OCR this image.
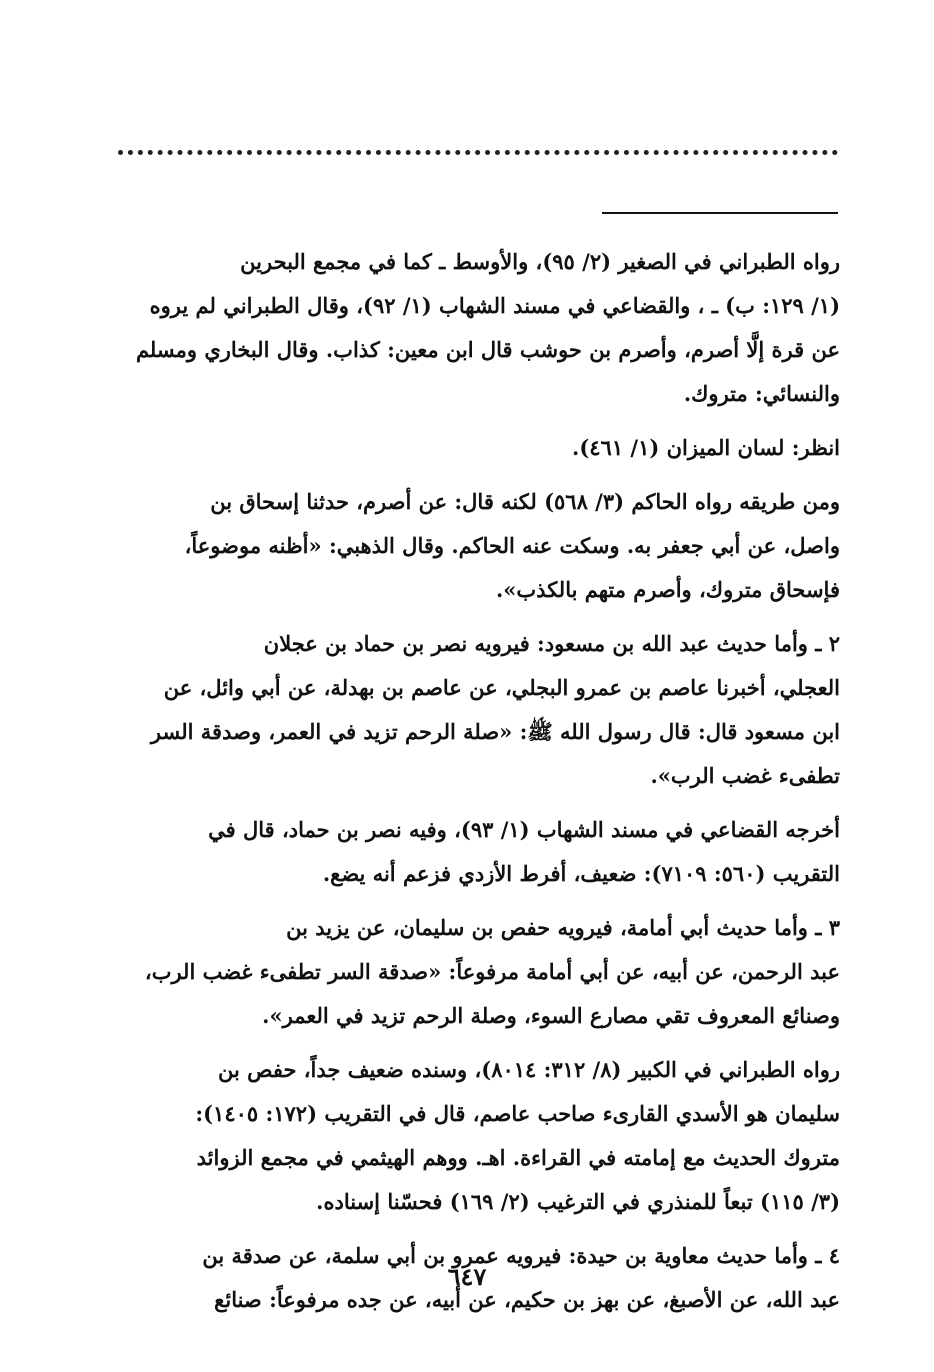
رواه الطبراني في الصغير (٢/ ٩٥)، والأوسط ـ كما في مجمع البحرين
(١/ ١٢٩: ب) ـ ، والقضاعي في مسند الشهاب (١/ ٩٢)، وقال الطبراني لم يروه
عن قرة إلَّا أصرم، وأصرم بن حوشب قال ابن معين: كذاب. وقال البخاري ومسلم
والنسائي: متروك.
انظر: لسان الميزان (١/ ٤٦١).
ومن طريقه رواه الحاكم (٣/ ٥٦٨) لكنه قال: عن أصرم، حدثنا إسحاق بن
واصل، عن أبي جعفر به. وسكت عنه الحاكم. وقال الذهبي: «أظنه موضوعاً،
فإسحاق متروك، وأصرم متهم بالكذب».
٢ ـ وأما حديث عبد الله بن مسعود: فيرويه نصر بن حماد بن عجلان
العجلي، أخبرنا عاصم بن عمرو البجلي، عن عاصم بن بهدلة، عن أبي وائل، عن
ابن مسعود قال: قال رسول الله ﷺ: «صلة الرحم تزيد في العمر، وصدقة السر
تطفىء غضب الرب».
أخرجه القضاعي في مسند الشهاب (١/ ٩٣)، وفيه نصر بن حماد، قال في
التقريب (٥٦٠: ٧١٠٩): ضعيف، أفرط الأزدي فزعم أنه يضع.
٣ ـ وأما حديث أبي أمامة، فيرويه حفص بن سليمان، عن يزيد بن
عبد الرحمن، عن أبيه، عن أبي أمامة مرفوعاً: «صدقة السر تطفىء غضب الرب،
وصنائع المعروف تقي مصارع السوء، وصلة الرحم تزيد في العمر».
رواه الطبراني في الكبير (٨/ ٣١٢: ٨٠١٤)، وسنده ضعيف جداً، حفص بن
سليمان هو الأسدي القارىء صاحب عاصم، قال في التقريب (١٧٢: ١٤٠٥):
متروك الحديث مع إمامته في القراءة. اهـ. ووهم الهيثمي في مجمع الزوائد
(٣/ ١١٥) تبعاً للمنذري في الترغيب (٢/ ١٦٩) فحسّنا إسناده.
٤ ـ وأما حديث معاوية بن حيدة: فيرويه عمرو بن أبي سلمة، عن صدقة بن
عبد الله، عن الأصبغ، عن بهز بن حكيم، عن أبيه، عن جده مرفوعاً: صنائع
٦٤٧
